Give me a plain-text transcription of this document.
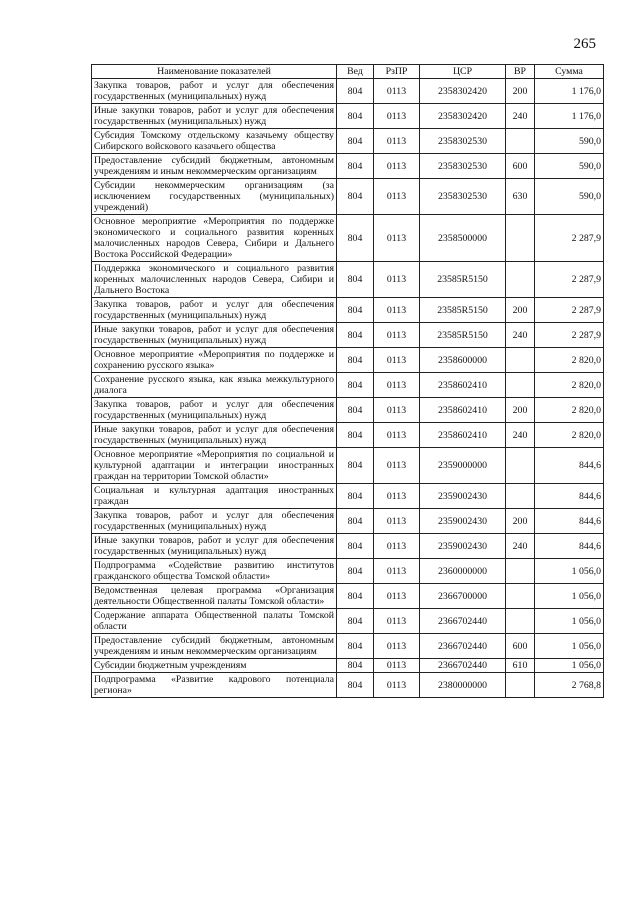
265
Наименование показателей	Вед	РзПР	ЦСР	ВР	Сумма
Закупка товаров, работ и услуг для обеспечения государственных (муниципальных) нужд	804	0113	2358302420	200	1 176,0
Иные закупки товаров, работ и услуг для обеспечения государственных (муниципальных) нужд	804	0113	2358302420	240	1 176,0
Субсидия Томскому отдельскому казачьему обществу Сибирского войскового казачьего общества	804	0113	2358302530		590,0
Предоставление субсидий бюджетным, автономным учреждениям и иным некоммерческим организациям	804	0113	2358302530	600	590,0
Субсидии некоммерческим организациям (за исключением государственных (муниципальных) учреждений)	804	0113	2358302530	630	590,0
Основное мероприятие «Мероприятия по поддержке экономического и социального развития коренных малочисленных народов Севера, Сибири и Дальнего Востока Российской Федерации»	804	0113	2358500000		2 287,9
Поддержка экономического и социального развития коренных малочисленных народов Севера, Сибири и Дальнего Востока	804	0113	23585R5150		2 287,9
Закупка товаров, работ и услуг для обеспечения государственных (муниципальных) нужд	804	0113	23585R5150	200	2 287,9
Иные закупки товаров, работ и услуг для обеспечения государственных (муниципальных) нужд	804	0113	23585R5150	240	2 287,9
Основное мероприятие «Мероприятия по поддержке и сохранению русского языка»	804	0113	2358600000		2 820,0
Сохранение русского языка, как языка межкультурного диалога	804	0113	2358602410		2 820,0
Закупка товаров, работ и услуг для обеспечения государственных (муниципальных) нужд	804	0113	2358602410	200	2 820,0
Иные закупки товаров, работ и услуг для обеспечения государственных (муниципальных) нужд	804	0113	2358602410	240	2 820,0
Основное мероприятие «Мероприятия по социальной и культурной адаптации и интеграции иностранных граждан на территории Томской области»	804	0113	2359000000		844,6
Социальная и культурная адаптация иностранных граждан	804	0113	2359002430		844,6
Закупка товаров, работ и услуг для обеспечения государственных (муниципальных) нужд	804	0113	2359002430	200	844,6
Иные закупки товаров, работ и услуг для обеспечения государственных (муниципальных) нужд	804	0113	2359002430	240	844,6
Подпрограмма «Содействие развитию институтов гражданского общества Томской области»	804	0113	2360000000		1 056,0
Ведомственная целевая программа «Организация деятельности Общественной палаты Томской области»	804	0113	2366700000		1 056,0
Содержание аппарата Общественной палаты Томской области	804	0113	2366702440		1 056,0
Предоставление субсидий бюджетным, автономным учреждениям и иным некоммерческим организациям	804	0113	2366702440	600	1 056,0
Субсидии бюджетным учреждениям	804	0113	2366702440	610	1 056,0
Подпрограмма «Развитие кадрового потенциала региона»	804	0113	2380000000		2 768,8
